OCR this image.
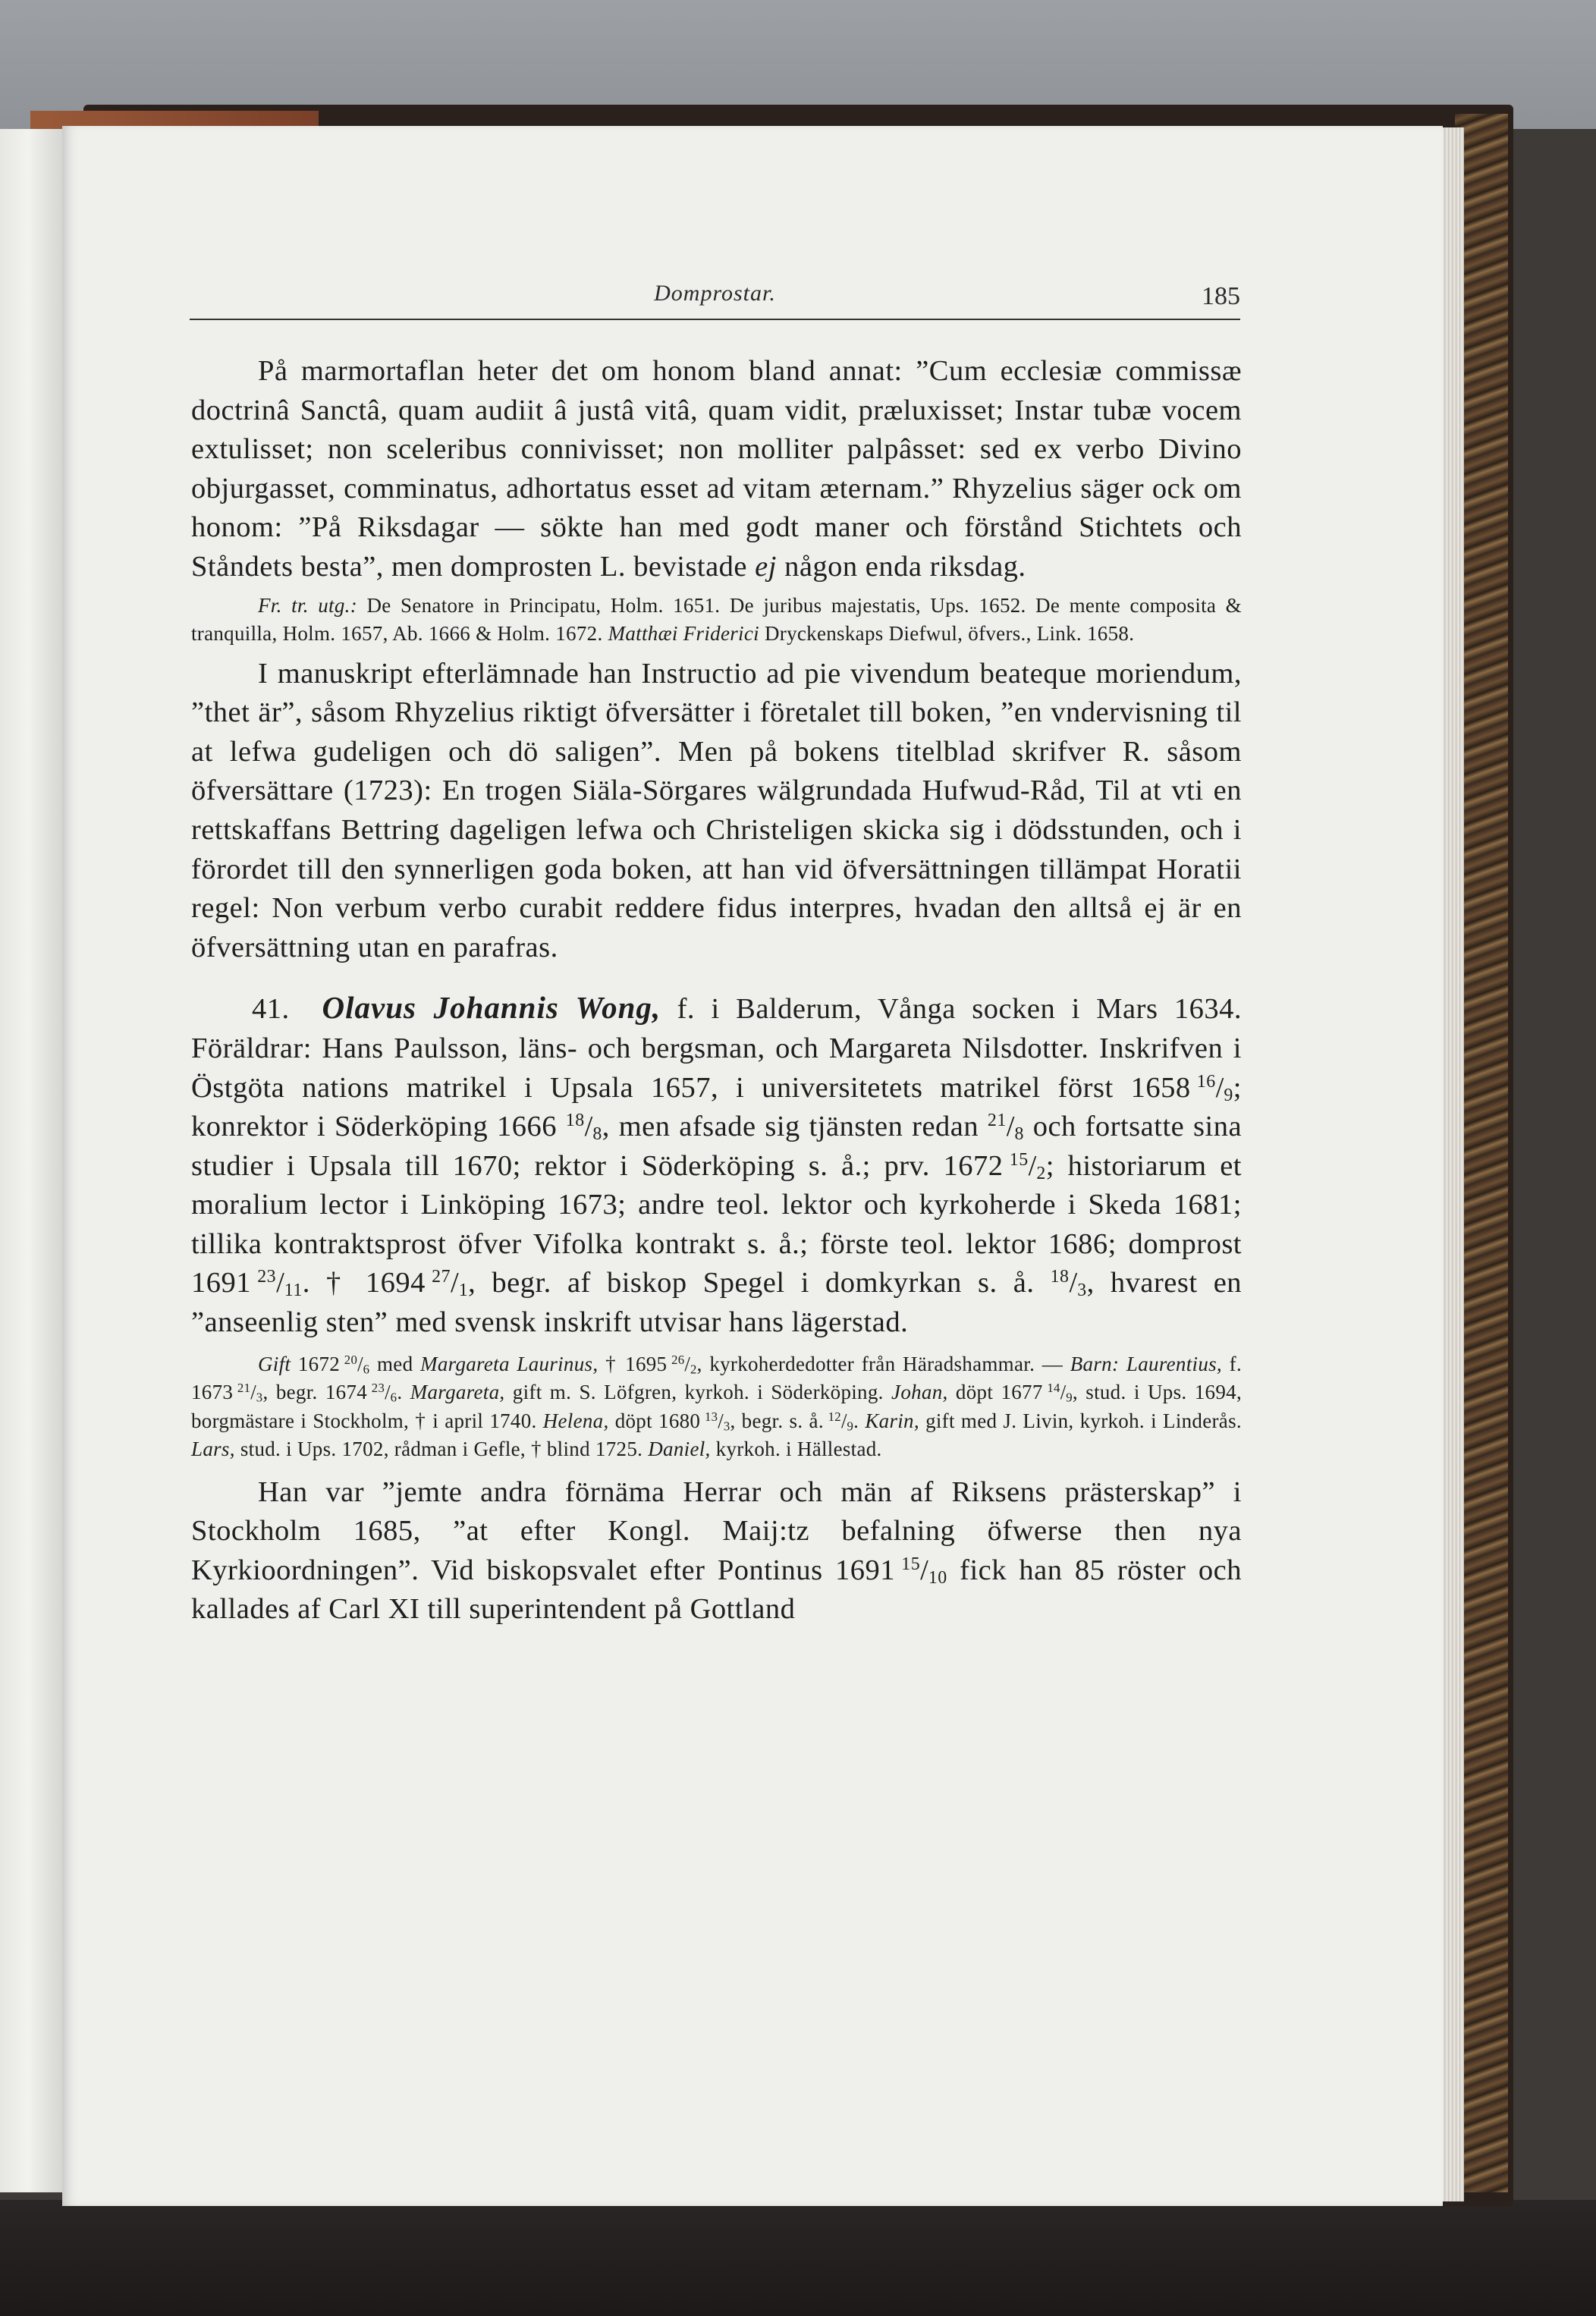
Domprostar.	185

På marmortaflan heter det om honom bland annat: ”Cum ecclesiæ commissæ doctrinâ Sanctâ, quam audiit â justâ vitâ, quam vidit, præluxisset; Instar tubæ vocem extulisset; non sceleribus connivisset; non molliter palpâsset: sed ex verbo Divino objurgasset, comminatus, adhortatus esset ad vitam æternam.” Rhyzelius säger ock om honom: ”På Riksdagar — sökte han med godt maner och förstånd Stichtets och Ståndets besta”, men domprosten L. bevistade ej någon enda riksdag.

Fr. tr. utg.: De Senatore in Principatu, Holm. 1651. De juribus majestatis, Ups. 1652. De mente composita & tranquilla, Holm. 1657, Ab. 1666 & Holm. 1672. Matthæi Friderici Dryckenskaps Diefwul, öfvers., Link. 1658.

I manuskript efterlämnade han Instructio ad pie vivendum beateque moriendum, ”thet är”, såsom Rhyzelius riktigt öfversätter i företalet till boken, ”en vndervisning til at lefwa gudeligen och dö saligen”. Men på bokens titelblad skrifver R. såsom öfversättare (1723): En trogen Siäla-Sörgares wälgrundada Hufwud-Råd, Til at vti en rettskaffans Bettring dageligen lefwa och Christeligen skicka sig i dödsstunden, och i förordet till den synnerligen goda boken, att han vid öfversättningen tillämpat Horatii regel: Non verbum verbo curabit reddere fidus interpres, hvadan den alltså ej är en öfversättning utan en parafras.

41. Olavus Johannis Wong, f. i Balderum, Vånga socken i Mars 1634. Föräldrar: Hans Paulsson, läns- och bergsman, och Margareta Nilsdotter. Inskrifven i Östgöta nations matrikel i Upsala 1657, i universitetets matrikel först 1658  $^{16}$/9; konrektor i Söderköping 1666 $^{18}$/8, men afsade sig tjänsten redan $^{21}$/8 och fortsatte sina studier i Upsala till 1670; rektor i Söderköping s. å.; prv. 1672  $^{15}$/2; historiarum et moralium lector i Linköping 1673; andre teol. lektor och kyrkoherde i Skeda 1681; tillika kontraktsprost öfver Vifolka kontrakt s. å.; förste teol. lektor 1686; domprost 1691  $^{23}$/11. † 1694  $^{27}$/1, begr. af biskop Spegel i domkyrkan s. å. $^{18}$/3, hvarest en ”anseenlig sten” med svensk inskrift utvisar hans lägerstad.

Gift 1672  $^{20}$/6 med Margareta Laurinus, † 1695  $^{26}$/2, kyrkoherdedotter från Häradshammar. — Barn: Laurentius, f. 1673  $^{21}$/3, begr. 1674  $^{23}$/6. Margareta, gift m. S. Löfgren, kyrkoh. i Söderköping. Johan, döpt 1677  $^{14}$/9, stud. i Ups. 1694, borgmästare i Stockholm, † i april 1740. Helena, döpt 1680  $^{13}$/3, begr. s. å.  $^{12}$/9. Karin, gift med J. Livin, kyrkoh. i Linderås. Lars, stud. i Ups. 1702, rådman i Gefle, † blind 1725. Daniel, kyrkoh. i Hällestad.

Han var ”jemte andra förnäma Herrar och män af Riksens prästerskap” i Stockholm 1685, ”at efter Kongl. Maij:tz befalning öfwerse then nya Kyrkioordningen”. Vid biskopsvalet efter Pontinus 1691  $^{15}$/10 fick han 85 röster och kallades af Carl XI till superintendent på Gottland
